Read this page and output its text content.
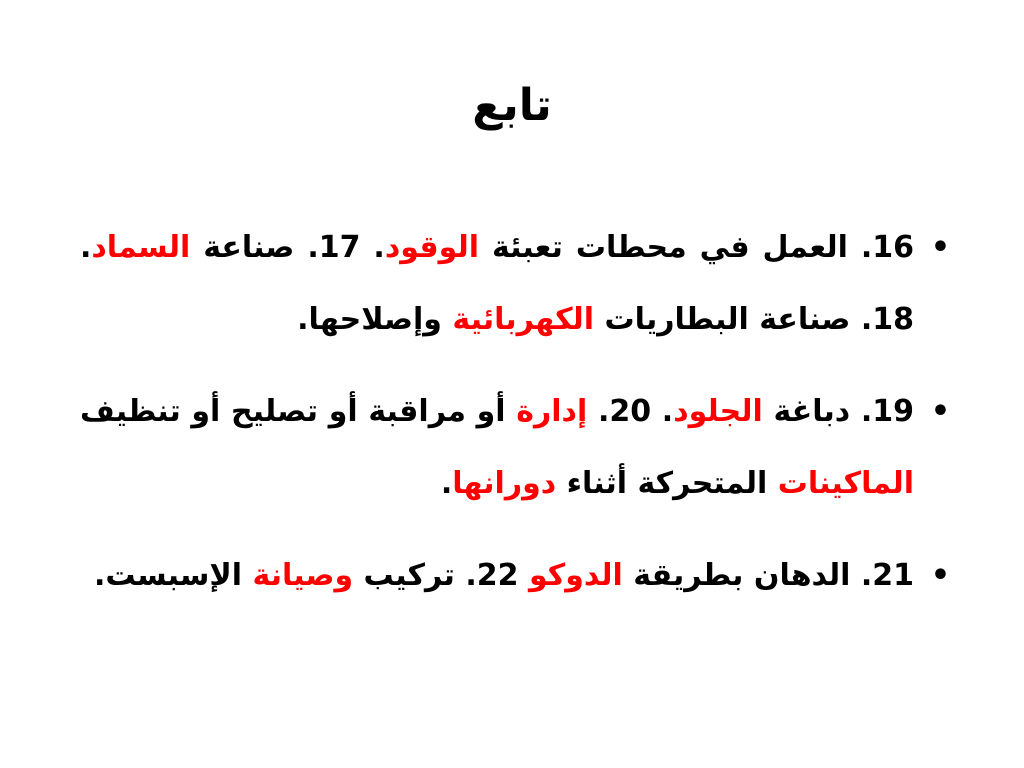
تابع
•
16. العمل في محطات تعبئة الوقود. 17. صناعة السماد. 18. صناعة البطاريات الكهربائية وإصلاحها.
•
19. دباغة الجلود. 20. إدارة أو مراقبة أو تصليح أو تنظيف الماكينات المتحركة أثناء دورانها.
•
21. الدهان بطريقة الدوكو 22. تركيب وصيانة الإسبست.
